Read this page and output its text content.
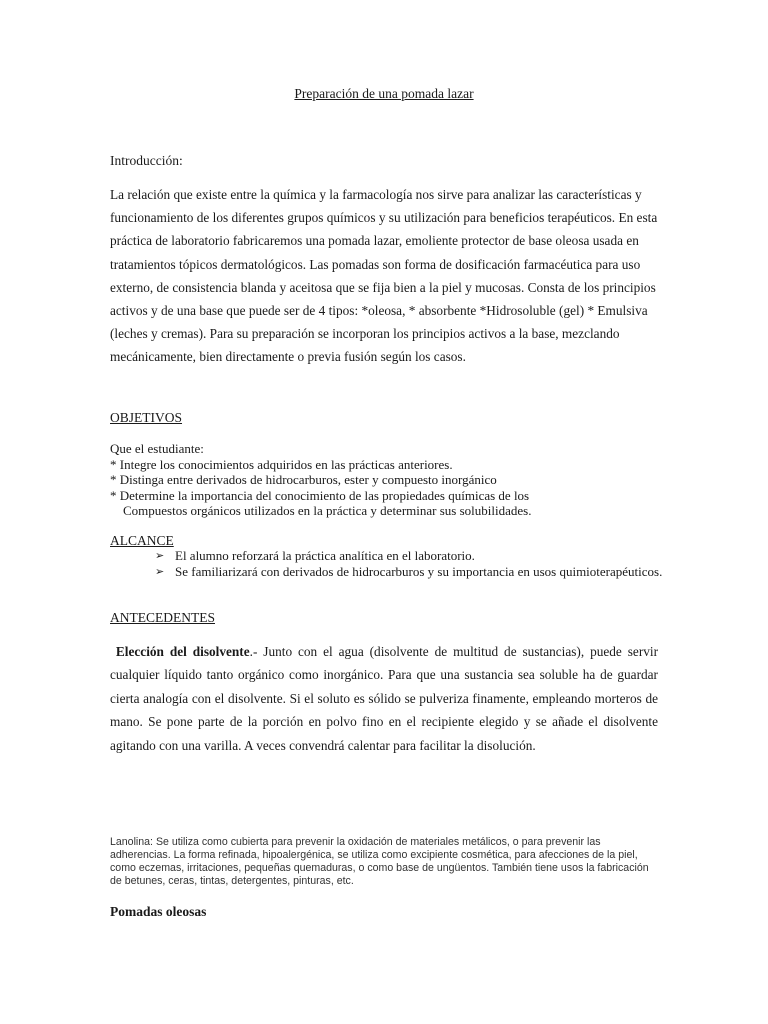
Preparación de una pomada lazar
Introducción:

La relación que existe entre la química y la farmacología nos sirve para analizar las características y funcionamiento de los diferentes grupos químicos y su utilización para beneficios terapéuticos. En esta práctica de laboratorio fabricaremos una pomada lazar, emoliente protector de base oleosa usada en tratamientos tópicos dermatológicos. Las pomadas son forma de dosificación farmacéutica para uso externo, de consistencia blanda y aceitosa que se fija bien a la piel y mucosas. Consta de los principios activos y de una base que puede ser de 4 tipos: *oleosa, * absorbente *Hidrosoluble (gel) * Emulsiva (leches y cremas). Para su preparación se incorporan los principios activos a la base, mezclando mecánicamente, bien directamente o previa fusión según los casos.

OBJETIVOS
Que el estudiante:
* Integre los conocimientos adquiridos en las prácticas anteriores.
* Distinga entre derivados de hidrocarburos, ester y compuesto inorgánico
* Determine la importancia del conocimiento de las propiedades químicas de los
Compuestos orgánicos utilizados en la práctica y determinar sus solubilidades.
ALCANCE
➢ El alumno reforzará la práctica analítica en el laboratorio.
➢ Se familiarizará con derivados de hidrocarburos y su importancia en usos quimioterapéuticos.
ANTECEDENTES

Elección del disolvente.- Junto con el agua (disolvente de multitud de sustancias), puede servir cualquier líquido tanto orgánico como inorgánico. Para que una sustancia sea soluble ha de guardar cierta analogía con el disolvente. Si el soluto es sólido se pulveriza finamente, empleando morteros de mano. Se pone parte de la porción en polvo fino en el recipiente elegido y se añade el disolvente agitando con una varilla. A veces convendrá calentar para facilitar la disolución.

Lanolina: Se utiliza como cubierta para prevenir la oxidación de materiales metálicos, o para prevenir las adherencias. La forma refinada, hipoalergénica, se utiliza como excipiente cosmética, para afecciones de la piel, como eczemas, irritaciones, pequeñas quemaduras, o como base de ungüentos. También tiene usos la fabricación de betunes, ceras, tintas, detergentes, pinturas, etc.

Pomadas oleosas
